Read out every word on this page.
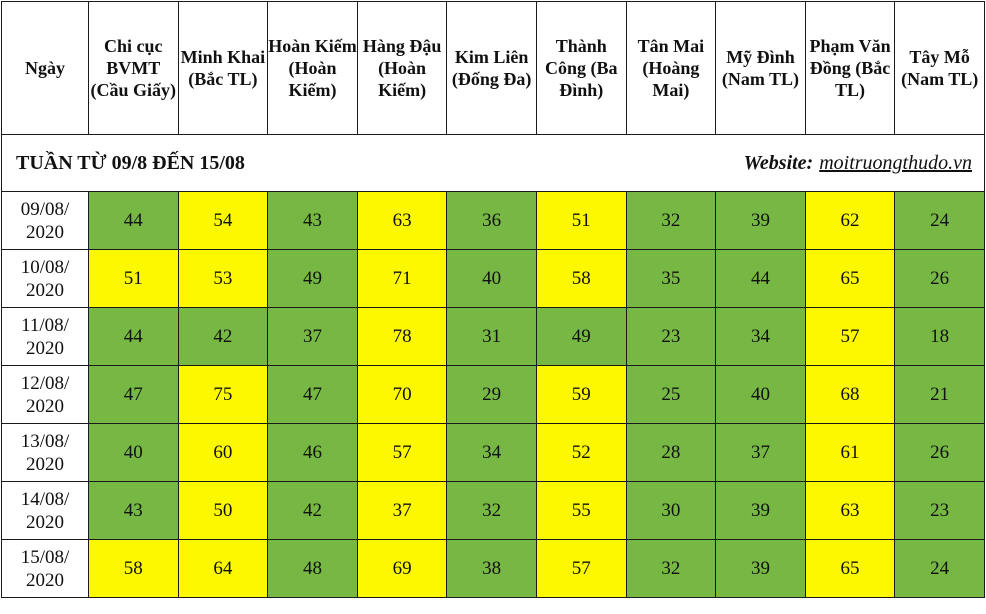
Ngày	Chi cục BVMT (Cầu Giấy)	Minh Khai (Bắc TL)	Hoàn Kiếm (Hoàn Kiếm)	Hàng Đậu (Hoàn Kiếm)	Kim Liên (Đống Đa)	Thành Công (Ba Đình)	Tân Mai (Hoàng Mai)	Mỹ Đình (Nam TL)	Phạm Văn Đồng (Bắc TL)	Tây Mỗ (Nam TL)

TUẦN TỪ 09/8 ĐẾN 15/08 Website: moitruongthudo.vn										

09/08/ 2020	44	54	43	63	36	51	32	39	62	24
10/08/ 2020	51	53	49	71	40	58	35	44	65	26
11/08/ 2020	44	42	37	78	31	49	23	34	57	18
12/08/ 2020	47	75	47	70	29	59	25	40	68	21
13/08/ 2020	40	60	46	57	34	52	28	37	61	26
14/08/ 2020	43	50	42	37	32	55	30	39	63	23
15/08/ 2020	58	64	48	69	38	57	32	39	65	24
